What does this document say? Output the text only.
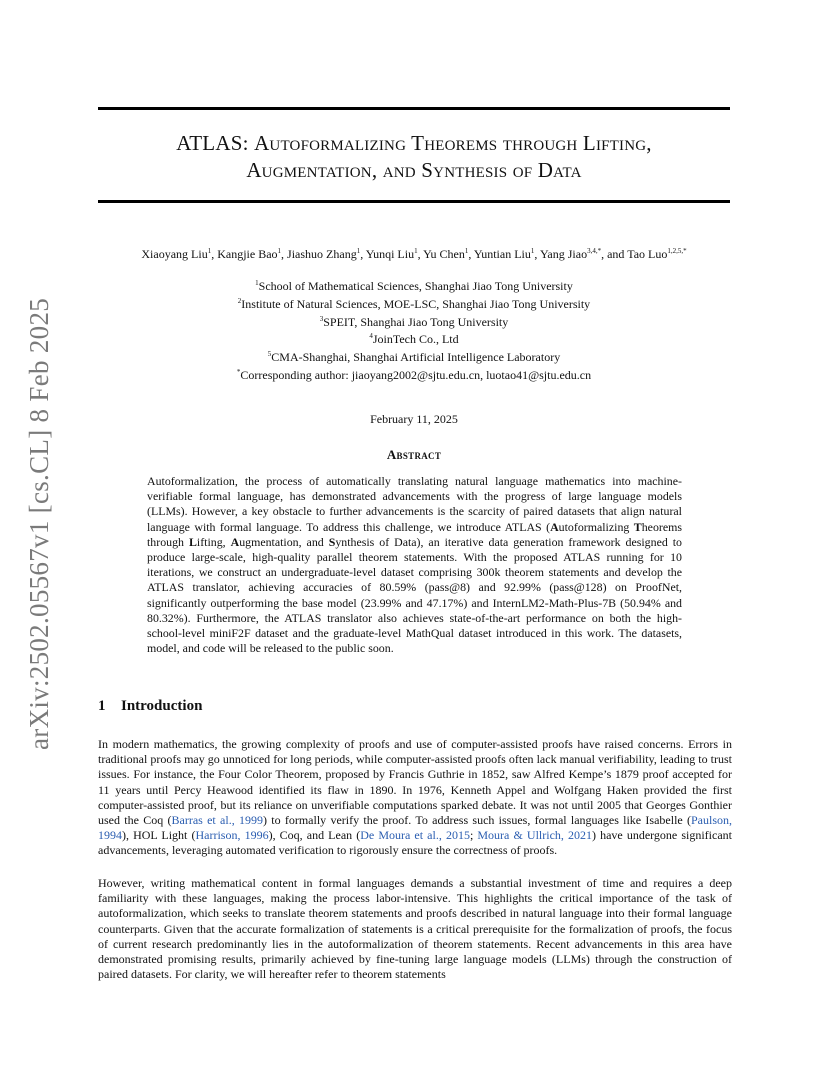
arXiv:2502.05567v1 [cs.CL] 8 Feb 2025
ATLAS: Autoformalizing Theorems through Lifting,
Augmentation, and Synthesis of Data
Xiaoyang Liu$^1$, Kangjie Bao$^1$, Jiashuo Zhang$^1$, Yunqi Liu$^1$, Yu Chen$^1$, Yuntian Liu$^1$, Yang Jiao$^{3,4,*}$, and Tao Luo$^{1,2,5,*}$
$^1$School of Mathematical Sciences, Shanghai Jiao Tong University
$^2$Institute of Natural Sciences, MOE-LSC, Shanghai Jiao Tong University
$^3$SPEIT, Shanghai Jiao Tong University
$^4$JoinTech Co., Ltd
$^5$CMA-Shanghai, Shanghai Artificial Intelligence Laboratory
*Corresponding author: jiaoyang2002@sjtu.edu.cn, luotao41@sjtu.edu.cn
February 11, 2025
Abstract
Autoformalization, the process of automatically translating natural language mathematics into machine-verifiable formal language, has demonstrated advancements with the progress of large language models (LLMs). However, a key obstacle to further advancements is the scarcity of paired datasets that align natural language with formal language. To address this challenge, we introduce ATLAS (Autoformalizing Theorems through Lifting, Augmentation, and Synthesis of Data), an iterative data generation framework designed to produce large-scale, high-quality parallel theorem statements. With the proposed ATLAS running for 10 iterations, we construct an undergraduate-level dataset comprising 300k theorem statements and develop the ATLAS translator, achieving accuracies of 80.59% (pass@8) and 92.99% (pass@128) on ProofNet, significantly outperforming the base model (23.99% and 47.17%) and InternLM2-Math-Plus-7B (50.94% and 80.32%). Furthermore, the ATLAS translator also achieves state-of-the-art performance on both the high-school-level miniF2F dataset and the graduate-level MathQual dataset introduced in this work. The datasets, model, and code will be released to the public soon.
1 Introduction
In modern mathematics, the growing complexity of proofs and use of computer-assisted proofs have raised concerns. Errors in traditional proofs may go unnoticed for long periods, while computer-assisted proofs often lack manual verifiability, leading to trust issues. For instance, the Four Color Theorem, proposed by Francis Guthrie in 1852, saw Alfred Kempe’s 1879 proof accepted for 11 years until Percy Heawood identified its flaw in 1890. In 1976, Kenneth Appel and Wolfgang Haken provided the first computer-assisted proof, but its reliance on unverifiable computations sparked debate. It was not until 2005 that Georges Gonthier used the Coq (Barras et al., 1999) to formally verify the proof. To address such issues, formal languages like Isabelle (Paulson, 1994), HOL Light (Harrison, 1996), Coq, and Lean (De Moura et al., 2015; Moura & Ullrich, 2021) have undergone significant advancements, leveraging automated verification to rigorously ensure the correctness of proofs.
However, writing mathematical content in formal languages demands a substantial investment of time and requires a deep familiarity with these languages, making the process labor-intensive. This highlights the critical importance of the task of autoformalization, which seeks to translate theorem statements and proofs described in natural language into their formal language counterparts. Given that the accurate formalization of statements is a critical prerequisite for the formalization of proofs, the focus of current research predominantly lies in the autoformalization of theorem statements. Recent advancements in this area have demonstrated promising results, primarily achieved by fine-tuning large language models (LLMs) through the construction of paired datasets. For clarity, we will hereafter refer to theorem statements
